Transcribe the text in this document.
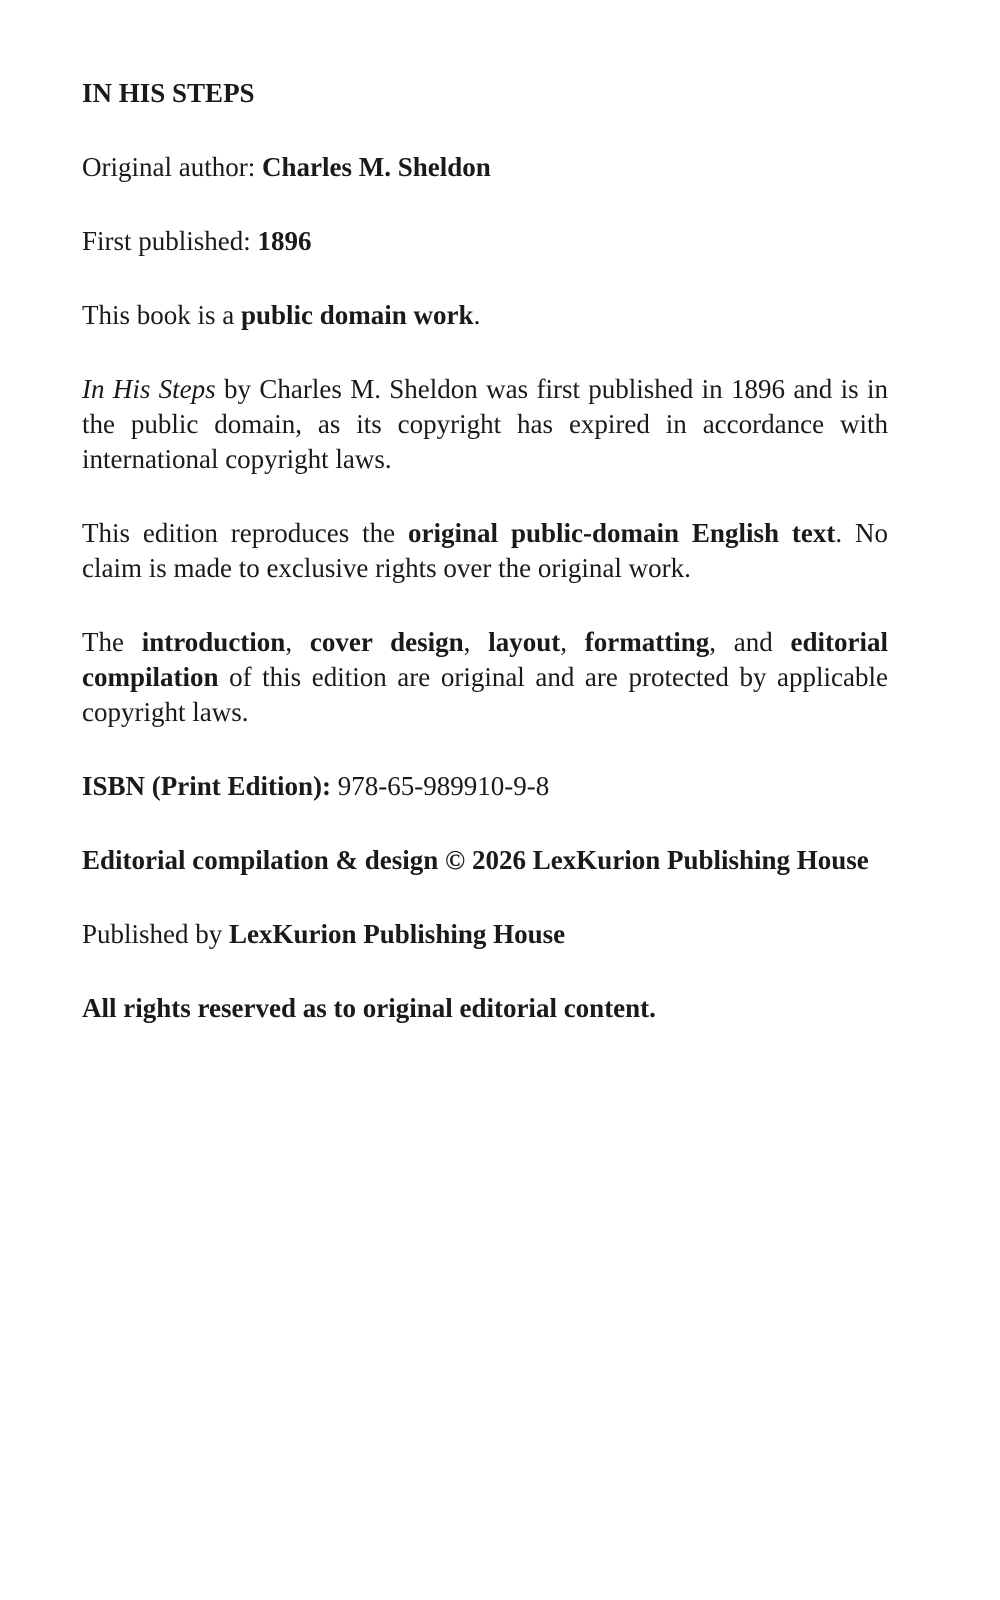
IN HIS STEPS

Original author: Charles M. Sheldon

First published: 1896

This book is a public domain work.

In His Steps by Charles M. Sheldon was first published in 1896 and is in the public domain, as its copyright has expired in accordance with international copyright laws.

This edition reproduces the original public-domain English text. No claim is made to exclusive rights over the original work.

The introduction, cover design, layout, formatting, and editorial compilation of this edition are original and are protected by applicable copyright laws.

ISBN (Print Edition): 978-65-989910-9-8

Editorial compilation & design © 2026 LexKurion Publishing House

Published by LexKurion Publishing House

All rights reserved as to original editorial content.
